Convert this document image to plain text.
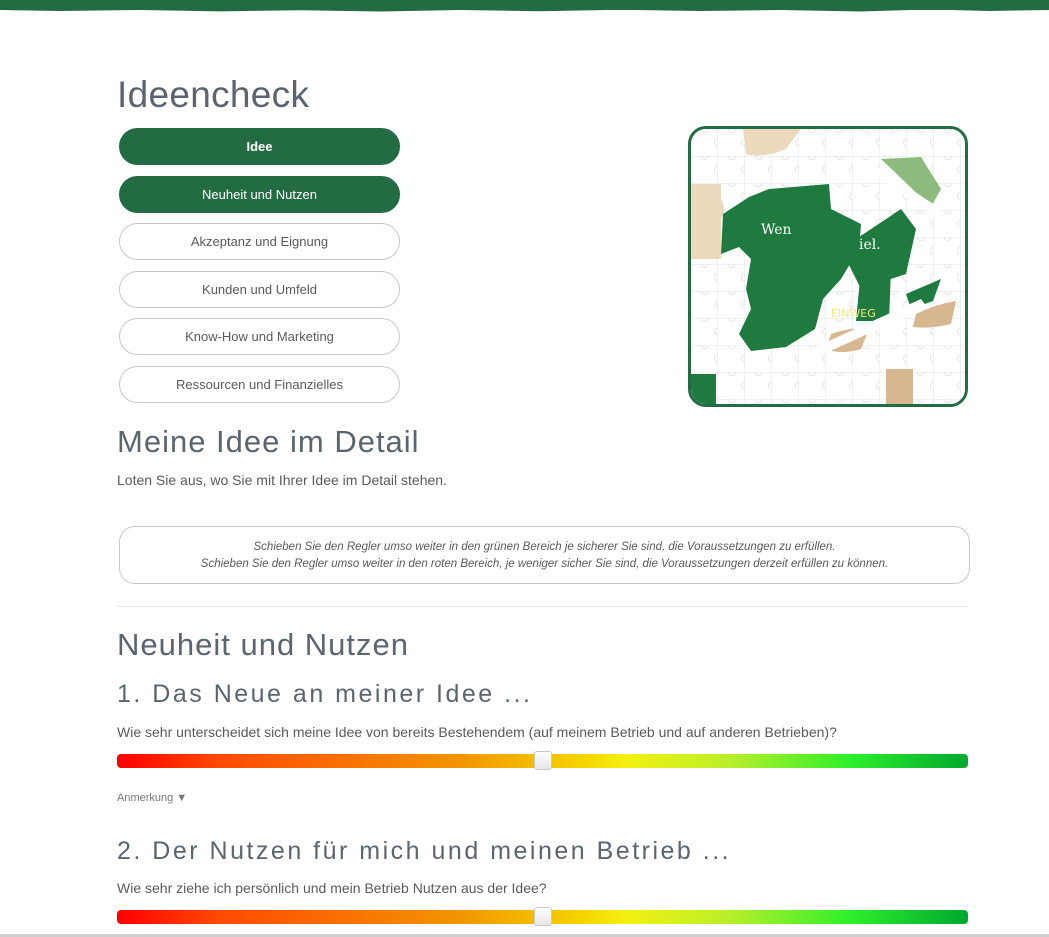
Ideencheck
Idee
Neuheit und Nutzen
Akzeptanz und Eignung
Kunden und Umfeld
Know-How und Marketing
Ressourcen und Finanzielles
Wen
iel.
EINWEG
Meine Idee im Detail
Loten Sie aus, wo Sie mit Ihrer Idee im Detail stehen.
Schieben Sie den Regler umso weiter in den grünen Bereich je sicherer Sie sind, die Voraussetzungen zu erfüllen.
Schieben Sie den Regler umso weiter in den roten Bereich, je weniger sicher Sie sind, die Voraussetzungen derzeit erfüllen zu können.
Neuheit und Nutzen
1. Das Neue an meiner Idee ...
Wie sehr unterscheidet sich meine Idee von bereits Bestehendem (auf meinem Betrieb und auf anderen Betrieben)?
Anmerkung ▼
2. Der Nutzen für mich und meinen Betrieb ...
Wie sehr ziehe ich persönlich und mein Betrieb Nutzen aus der Idee?
